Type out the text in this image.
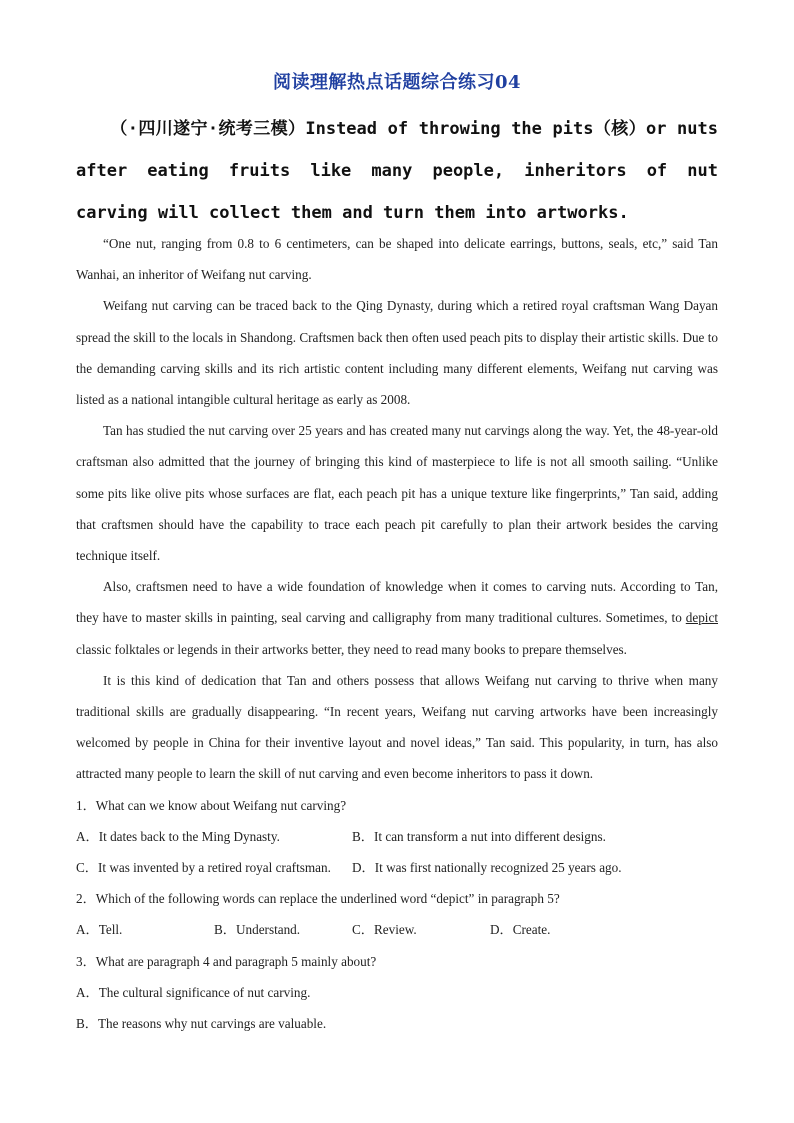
阅读理解热点话题综合练习04
（·四川遂宁·统考三模）Instead of throwing the pits（核）or nuts after eating fruits like many people, inheritors of nut carving will collect them and turn them into artworks.

“One nut, ranging from 0.8 to 6 centimeters, can be shaped into delicate earrings, buttons, seals, etc,” said Tan Wanhai, an inheritor of Weifang nut carving.

Weifang nut carving can be traced back to the Qing Dynasty, during which a retired royal craftsman Wang Dayan spread the skill to the locals in Shandong. Craftsmen back then often used peach pits to display their artistic skills. Due to the demanding carving skills and its rich artistic content including many different elements, Weifang nut carving was listed as a national intangible cultural heritage as early as 2008.

Tan has studied the nut carving over 25 years and has created many nut carvings along the way. Yet, the 48-year-old craftsman also admitted that the journey of bringing this kind of masterpiece to life is not all smooth sailing. “Unlike some pits like olive pits whose surfaces are flat, each peach pit has a unique texture like fingerprints,” Tan said, adding that craftsmen should have the capability to trace each peach pit carefully to plan their artwork besides the carving technique itself.

Also, craftsmen need to have a wide foundation of knowledge when it comes to carving nuts. According to Tan, they have to master skills in painting, seal carving and calligraphy from many traditional cultures. Sometimes, to depict classic folktales or legends in their artworks better, they need to read many books to prepare themselves.

It is this kind of dedication that Tan and others possess that allows Weifang nut carving to thrive when many traditional skills are gradually disappearing. “In recent years, Weifang nut carving artworks have been increasingly welcomed by people in China for their inventive layout and novel ideas,” Tan said. This popularity, in turn, has also attracted many people to learn the skill of nut carving and even become inheritors to pass it down.

1．What can we know about Weifang nut carving?

A．It dates back to the Ming Dynasty.	B．It can transform a nut into different designs.
C．It was invented by a retired royal craftsman.	D．It was first nationally recognized 25 years ago.

2．Which of the following words can replace the underlined word “depict” in paragraph 5?

A．Tell.	B．Understand.	C．Review.	D．Create.

3．What are paragraph 4 and paragraph 5 mainly about?

A．The cultural significance of nut carving.

B．The reasons why nut carvings are valuable.
